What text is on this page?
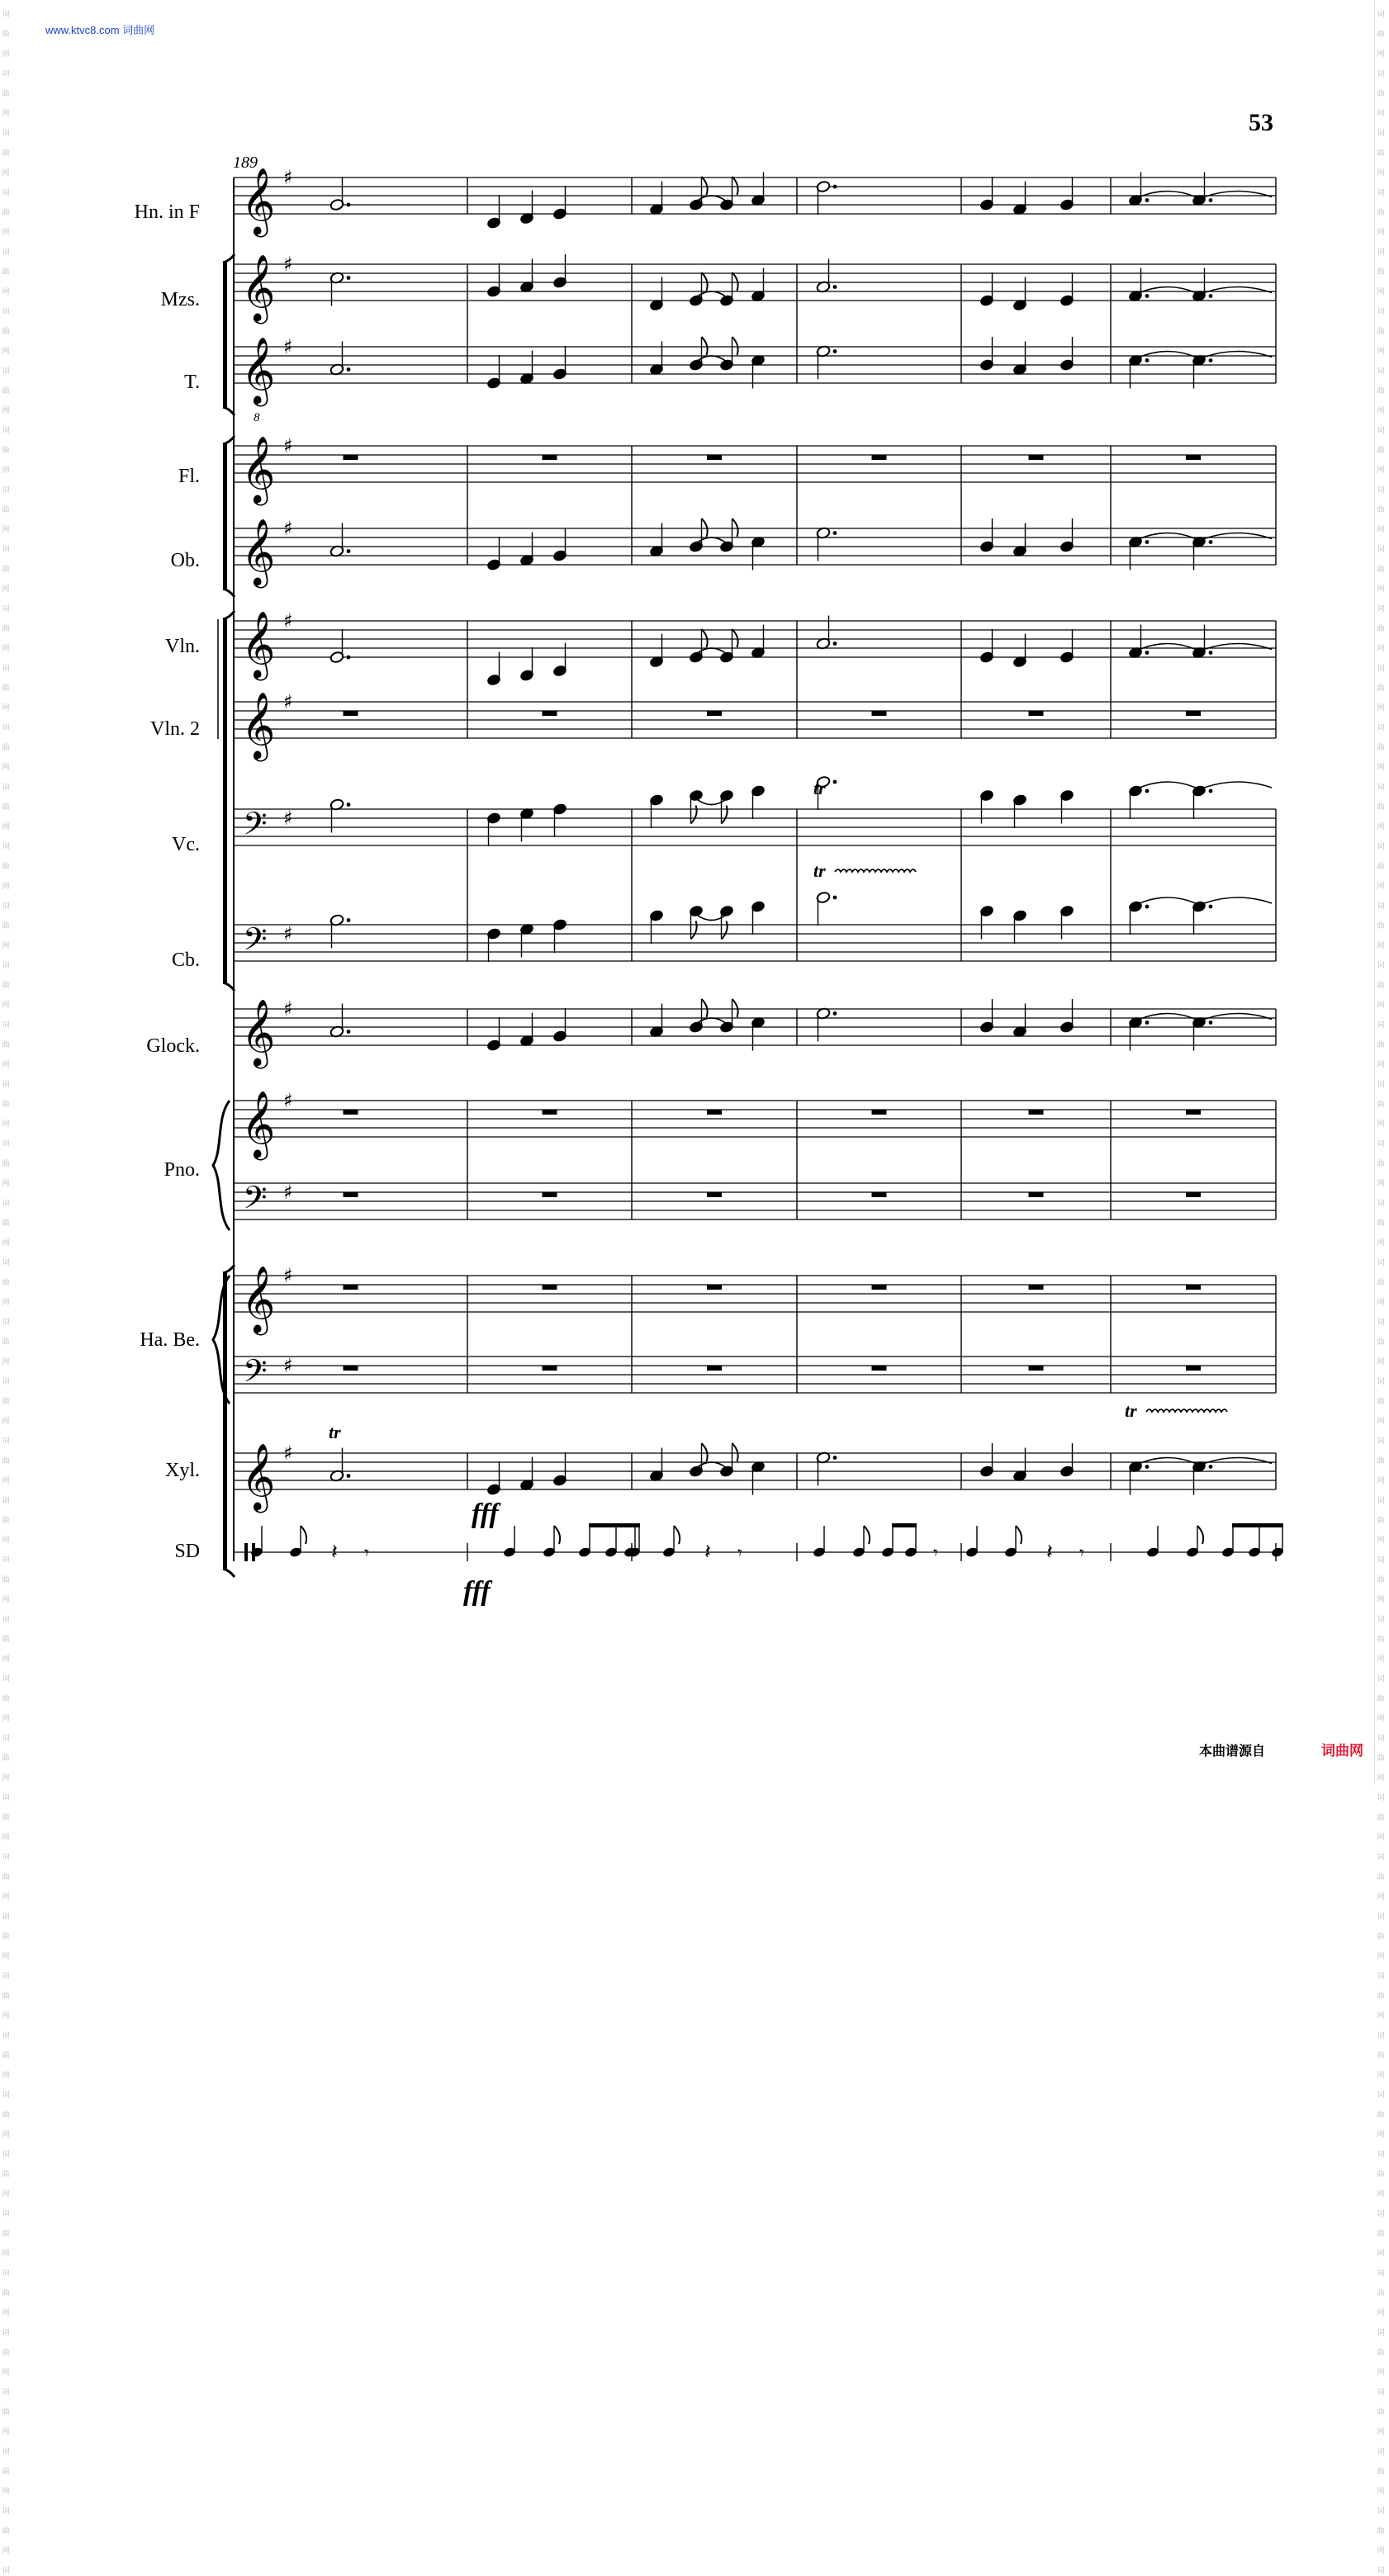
词
曲
网
词
曲
网
词
曲
网
词
曲
网
词
曲
网
词
曲
网
词
曲
网
词
曲
网
词
曲
网
词
曲
网
词
曲
网
词
曲
网
词
曲
网
词
曲
网
词
曲
网
词
曲
网
词
曲
网
词
曲
网
词
曲
网
词
曲
网
词
曲
网
词
曲
网
词
曲
网
词
曲
网
词
曲
网
词
曲
网
词
曲
网
词
曲
网
词
曲
网
词
曲
网
词
曲
网
词
曲
网
词
曲
网
词
曲
网
词
曲
网
词
曲
网
词
曲
网
词
曲
网
词
曲
网
词
曲
网
词
曲
网
词
曲
网
词
曲
网
词
词
曲
网
词
曲
网
词
曲
网
词
曲
网
词
曲
网
词
曲
网
词
曲
网
词
曲
网
词
曲
网
词
曲
网
词
曲
网
词
曲
网
词
曲
网
词
曲
网
词
曲
网
词
曲
网
词
曲
网
词
曲
网
词
曲
网
词
曲
网
词
曲
网
词
曲
网
词
曲
网
词
曲
网
词
曲
网
词
曲
网
词
曲
网
词
曲
网
词
曲
网
词
曲
网
词
曲
网
词
曲
网
词
曲
网
词
曲
网
词
曲
网
词
曲
网
词
曲
网
词
曲
网
词
曲
网
词
曲
网
词
曲
网
词
曲
网
词
曲
网
词
www.ktvc8.com 词曲网
53
𝄞 ♯
𝄞 ♯
𝄞 ♯
8
𝄞 ♯
𝄞 ♯
𝄞 ♯
𝄞 ♯
𝄢 ♯
𝄢 ♯
𝄞 ♯
𝄞 ♯
𝄢 ♯
𝄞 ♯
𝄢 ♯
𝄞 ♯
tr
tr
tr
tr
fff
fff
𝄽 𝄾	𝄽 𝄾	𝄾	𝄽 𝄾
189
Hn. in F
Mzs.
T.
Fl.
Ob.
Vln.
Vln. 2
Vc.
Cb.
Glock.
Pno.
Ha. Be.
Xyl.
SD
本曲谱源自	词曲网
